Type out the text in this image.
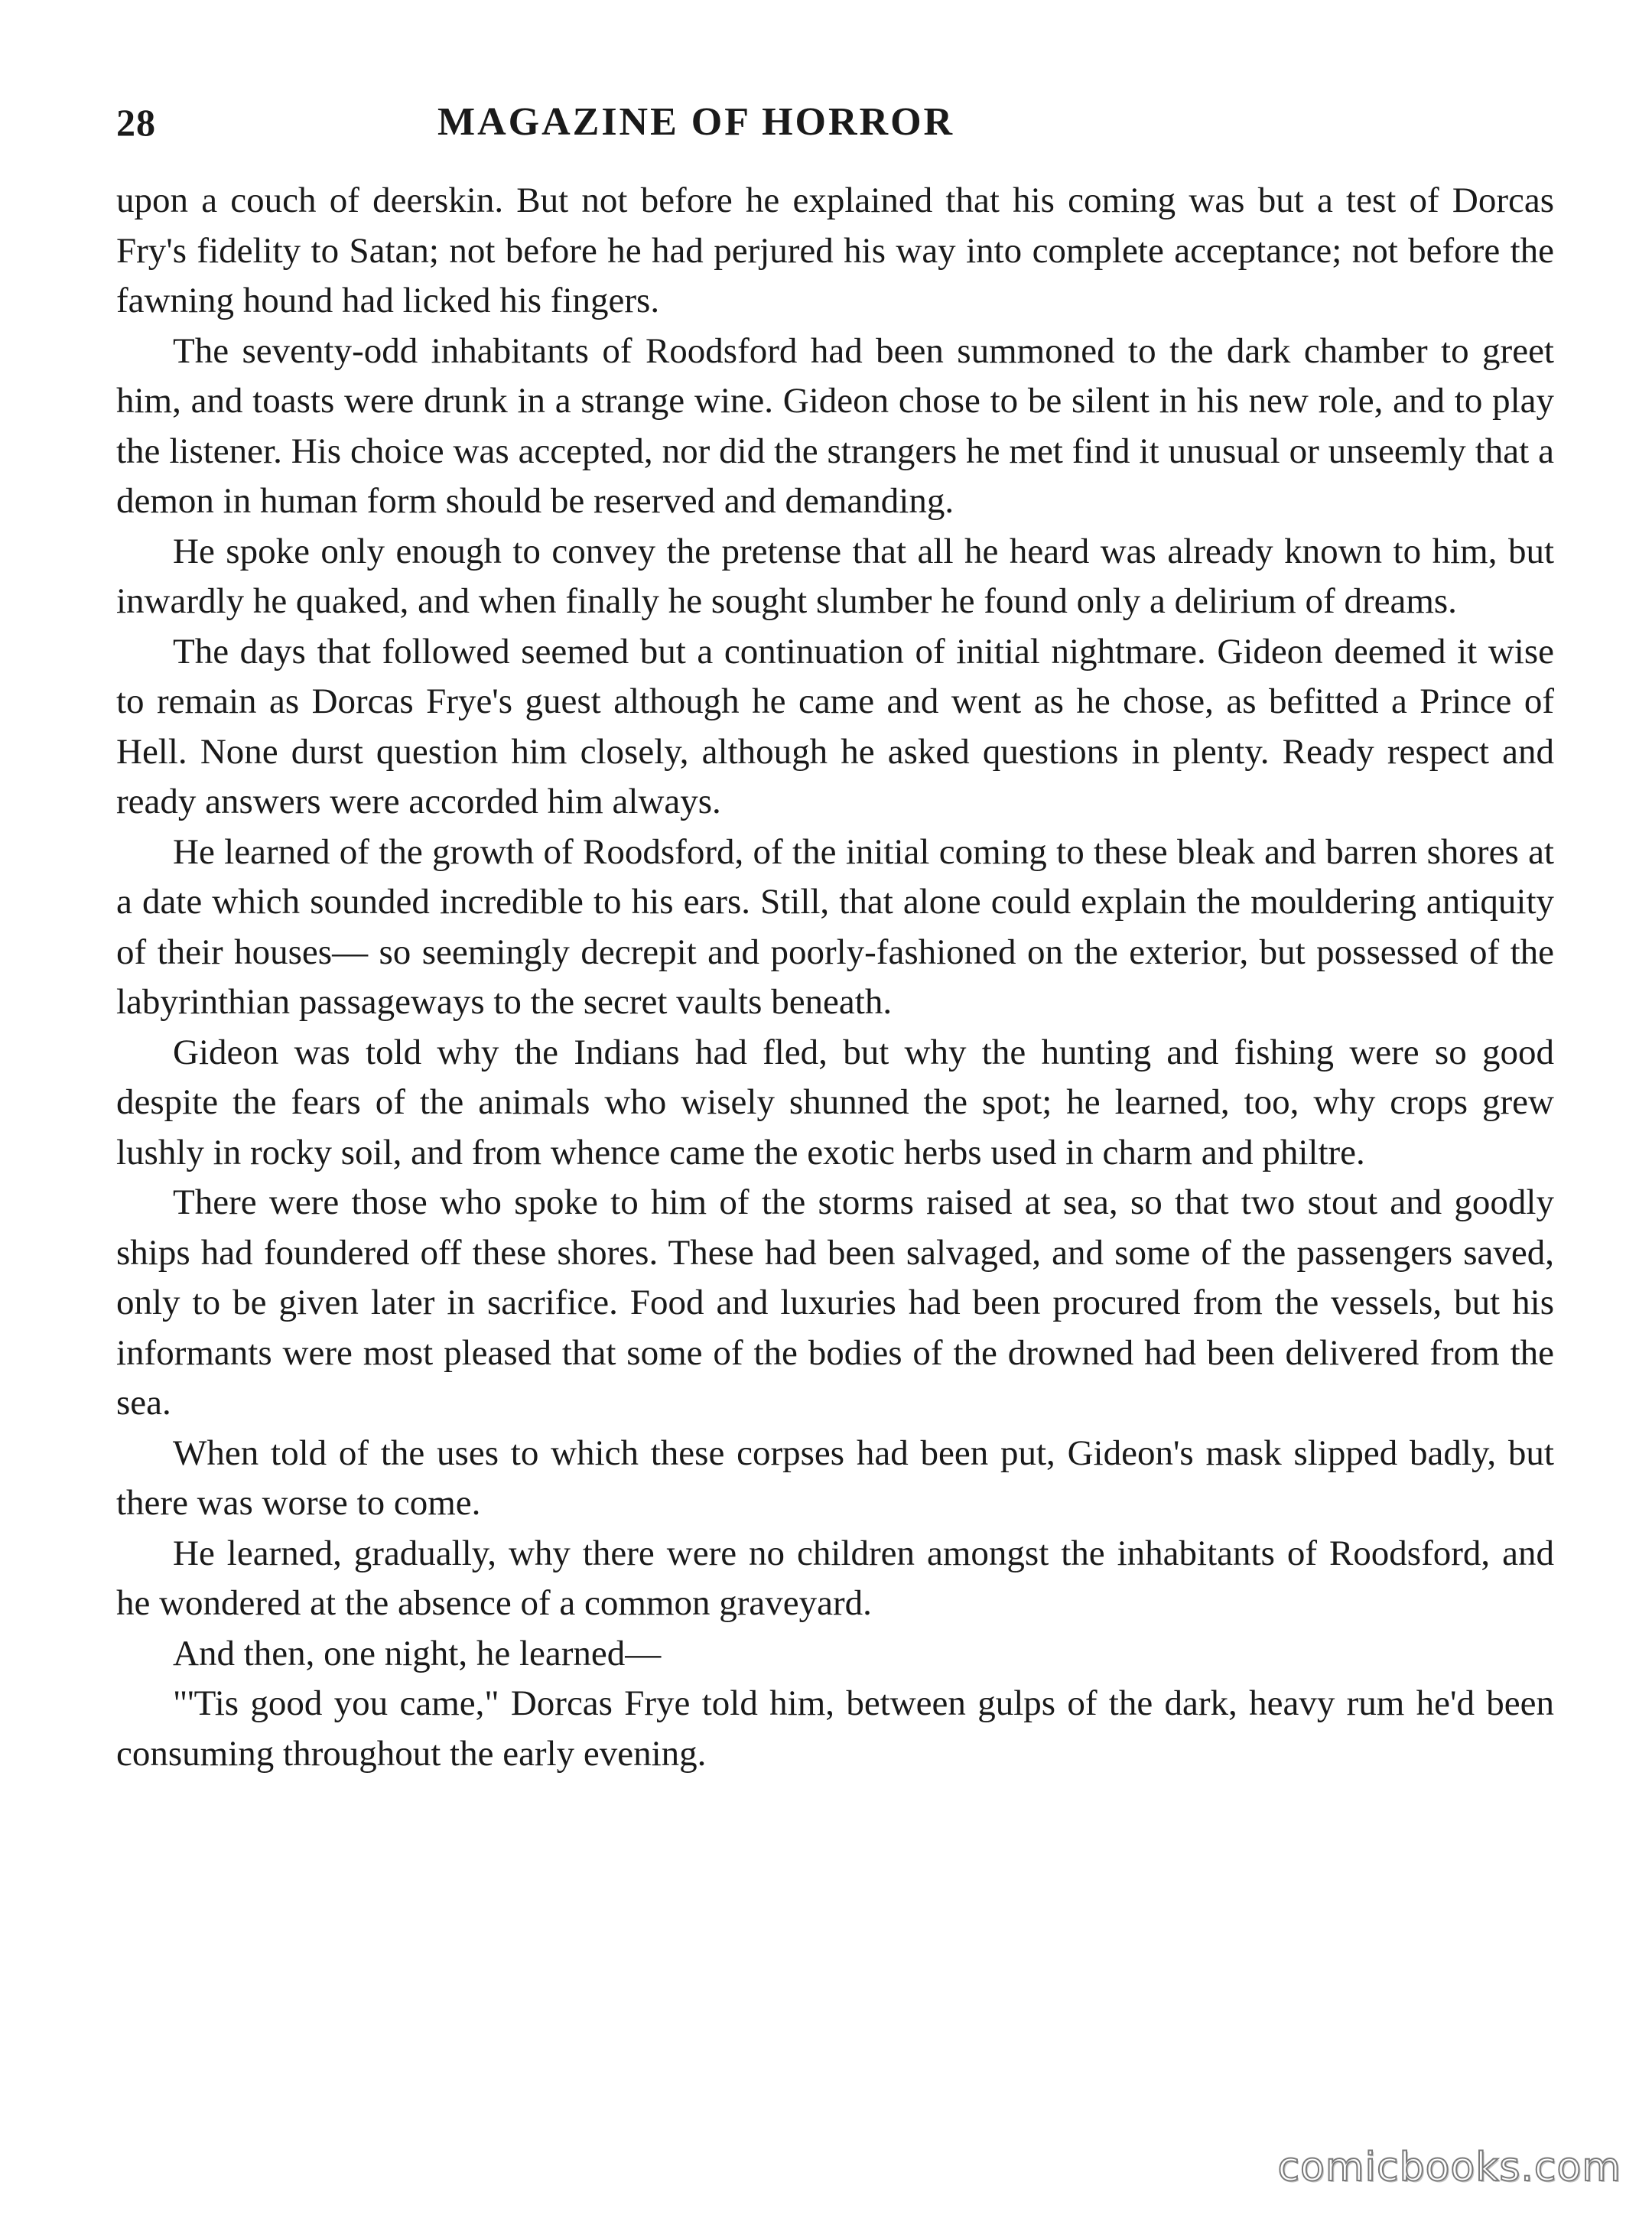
28	MAGAZINE OF HORROR

upon a couch of deerskin. But not before he explained that his coming was but a test of Dorcas Fry's fidelity to Satan; not before he had perjured his way into complete acceptance; not before the fawning hound had licked his fingers.

The seventy-odd inhabitants of Roodsford had been summoned to the dark chamber to greet him, and toasts were drunk in a strange wine. Gideon chose to be silent in his new role, and to play the listener. His choice was accepted, nor did the strangers he met find it unusual or unseemly that a demon in human form should be reserved and demanding.

He spoke only enough to convey the pretense that all he heard was already known to him, but inwardly he quaked, and when finally he sought slumber he found only a delirium of dreams.

The days that followed seemed but a continuation of initial nightmare. Gideon deemed it wise to remain as Dorcas Frye's guest although he came and went as he chose, as befitted a Prince of Hell. None durst question him closely, although he asked questions in plenty. Ready respect and ready answers were accorded him always.

He learned of the growth of Roodsford, of the initial coming to these bleak and barren shores at a date which sounded incredible to his ears. Still, that alone could explain the mouldering antiquity of their houses— so seemingly decrepit and poorly-fashioned on the exterior, but possessed of the labyrinthian passageways to the secret vaults beneath.

Gideon was told why the Indians had fled, but why the hunting and fishing were so good despite the fears of the animals who wisely shunned the spot; he learned, too, why crops grew lushly in rocky soil, and from whence came the exotic herbs used in charm and philtre.

There were those who spoke to him of the storms raised at sea, so that two stout and goodly ships had foundered off these shores. These had been salvaged, and some of the passengers saved, only to be given later in sacrifice. Food and luxuries had been procured from the vessels, but his informants were most pleased that some of the bodies of the drowned had been delivered from the sea.

When told of the uses to which these corpses had been put, Gideon's mask slipped badly, but there was worse to come.

He learned, gradually, why there were no children amongst the inhabitants of Roodsford, and he wondered at the absence of a common graveyard.

And then, one night, he learned—

"'Tis good you came," Dorcas Frye told him, between gulps of the dark, heavy rum he'd been consuming throughout the early evening.

comicbooks.com
